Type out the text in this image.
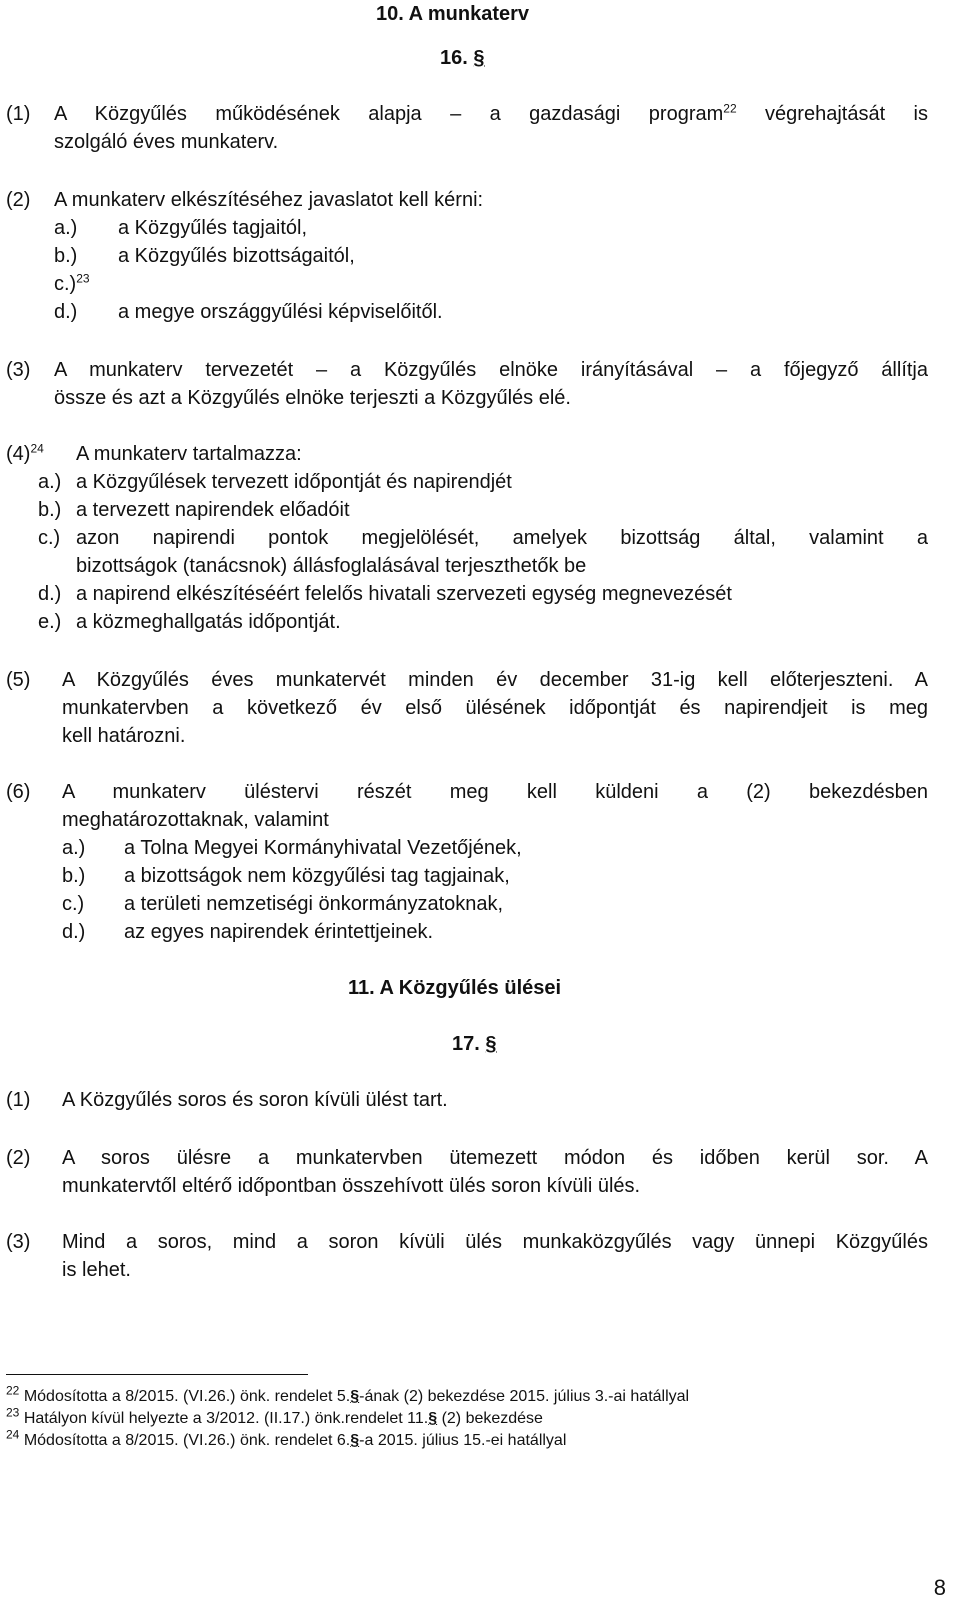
10. A munkaterv
16. §
(1) A Közgyűlés működésének alapja – a gazdasági program$^{22}$ végrehajtását is
szolgáló éves munkaterv.
(2) A munkaterv elkészítéséhez javaslatot kell kérni:
a.) a Közgyűlés tagjaitól,
b.) a Közgyűlés bizottságaitól,
c.)$^{23}$
d.) a megye országgyűlési képviselőitől.
(3) A munkaterv tervezetét – a Közgyűlés elnöke irányításával – a főjegyző állítja
össze és azt a Közgyűlés elnöke terjeszti a Közgyűlés elé.
$(4)^{24}$ A munkaterv tartalmazza:
a.) a Közgyűlések tervezett időpontját és napirendjét
b.) a tervezett napirendek előadóit
c.) azon napirendi pontok megjelölését, amelyek bizottság által, valamint a
bizottságok (tanácsnok) állásfoglalásával terjeszthetők be
d.) a napirend elkészítéséért felelős hivatali szervezeti egység megnevezését
e.) a közmeghallgatás időpontját.
(5) A Közgyűlés éves munkatervét minden év december 31-ig kell előterjeszteni. A
munkatervben a következő év első ülésének időpontját és napirendjeit is meg
kell határozni.
(6) A munkaterv üléstervi részét meg kell küldeni a (2) bekezdésben
meghatározottaknak, valamint
a.) a Tolna Megyei Kormányhivatal Vezetőjének,
b.) a bizottságok nem közgyűlési tag tagjainak,
c.) a területi nemzetiségi önkormányzatoknak,
d.) az egyes napirendek érintettjeinek.
11. A Közgyűlés ülései
17. §
(1) A Közgyűlés soros és soron kívüli ülést tart.
(2) A soros ülésre a munkatervben ütemezett módon és időben kerül sor. A
munkatervtől eltérő időpontban összehívott ülés soron kívüli ülés.
(3) Mind a soros, mind a soron kívüli ülés munkaközgyűlés vagy ünnepi Közgyűlés
is lehet.
$^{22}$ Módosította a 8/2015. (VI.26.) önk. rendelet 5.§-ának (2) bekezdése 2015. július 3.-ai hatállyal
$^{23}$ Hatályon kívül helyezte a 3/2012. (II.17.) önk.rendelet 11.§ (2) bekezdése
$^{24}$ Módosította a 8/2015. (VI.26.) önk. rendelet 6.§-a 2015. július 15.-ei hatállyal
8
